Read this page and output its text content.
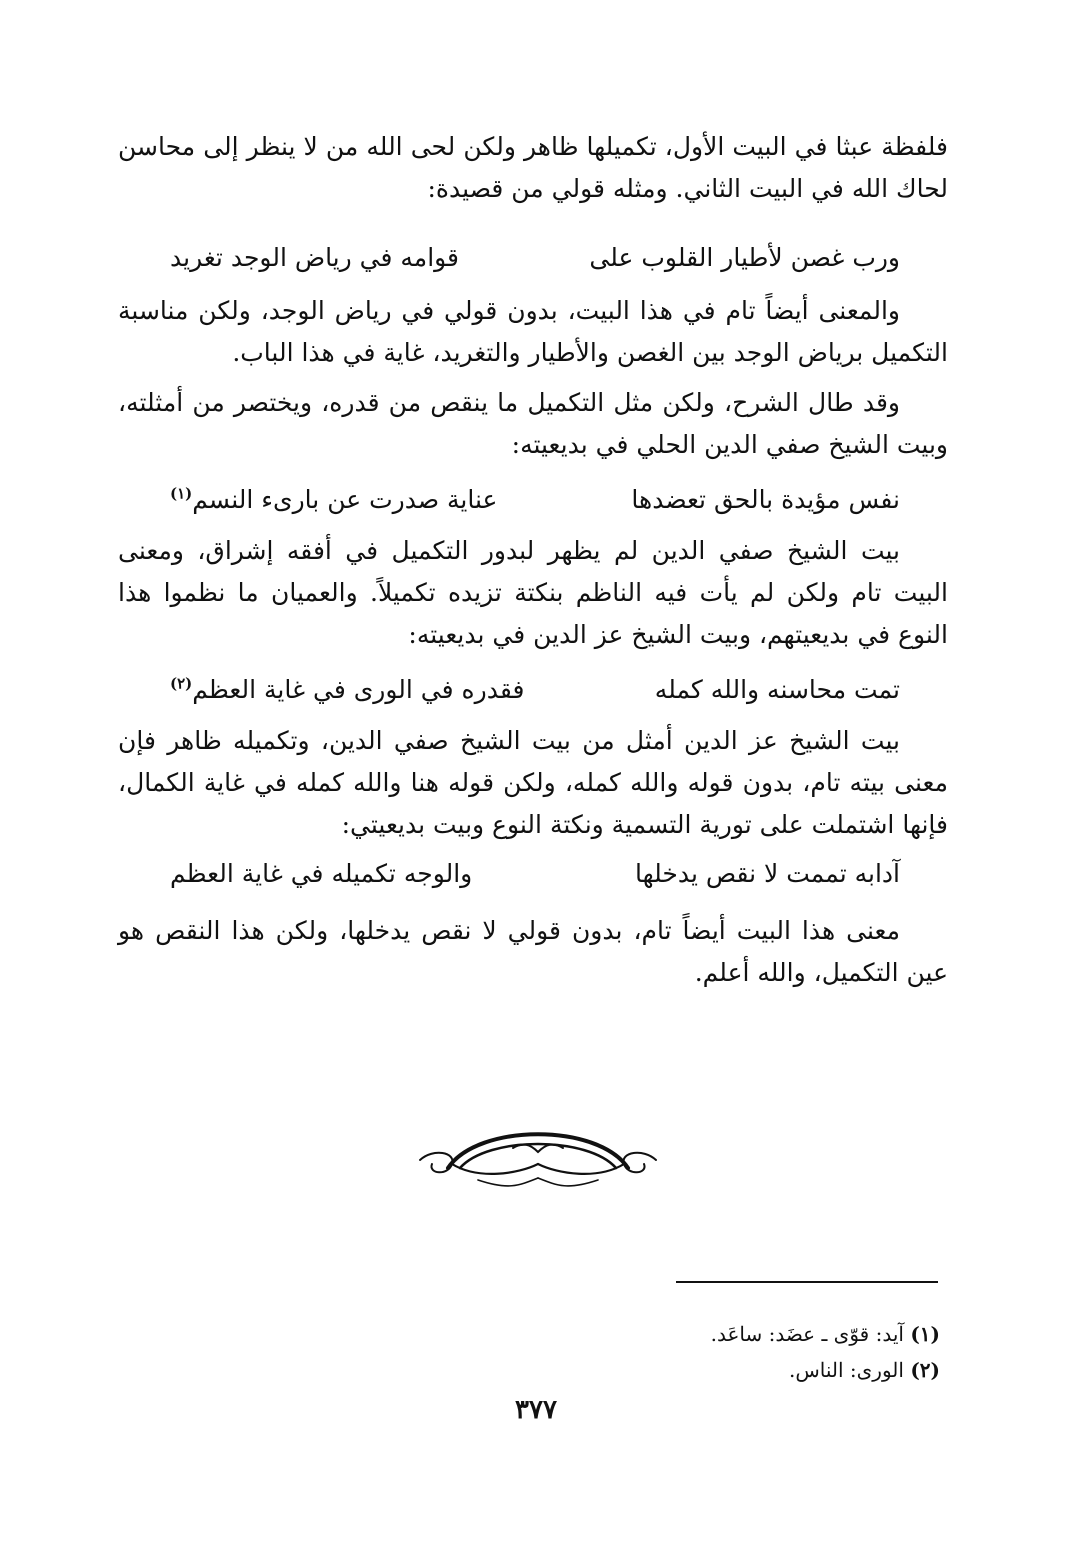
فلفظة عبثا في البيت الأول، تكميلها ظاهر ولكن لحى الله من لا ينظر إلى محاسن لحاك الله في البيت الثاني. ومثله قولي من قصيدة:

ورب غصن لأطيار القلوب على
قوامه في رياض الوجد تغريد

والمعنى أيضاً تام في هذا البيت، بدون قولي في رياض الوجد، ولكن مناسبة التكميل برياض الوجد بين الغصن والأطيار والتغريد، غاية في هذا الباب.

وقد طال الشرح، ولكن مثل التكميل ما ينقص من قدره، ويختصر من أمثلته، وبيت الشيخ صفي الدين الحلي في بديعيته:

نفس مؤيدة بالحق تعضدها
عناية صدرت عن بارىء النسم$^{(١)}$

بيت الشيخ صفي الدين لم يظهر لبدور التكميل في أفقه إشراق، ومعنى البيت تام ولكن لم يأت فيه الناظم بنكتة تزيده تكميلاً. والعميان ما نظموا هذا النوع في بديعيتهم، وبيت الشيخ عز الدين في بديعيته:

تمت محاسنه والله كمله
فقدره في الورى في غاية العظم$^{(٢)}$

بيت الشيخ عز الدين أمثل من بيت الشيخ صفي الدين، وتكميله ظاهر فإن معنى بيته تام، بدون قوله والله كمله، ولكن قوله هنا والله كمله في غاية الكمال، فإنها اشتملت على تورية التسمية ونكتة النوع وبيت بديعيتي:

آدابه تممت لا نقص يدخلها
والوجه تكميله في غاية العظم

معنى هذا البيت أيضاً تام، بدون قولي لا نقص يدخلها، ولكن هذا النقص هو عين التكميل، والله أعلم.

(١) آيد: قوّى ـ عضَد: ساعَد.
(٢) الورى: الناس.
٣٧٧
